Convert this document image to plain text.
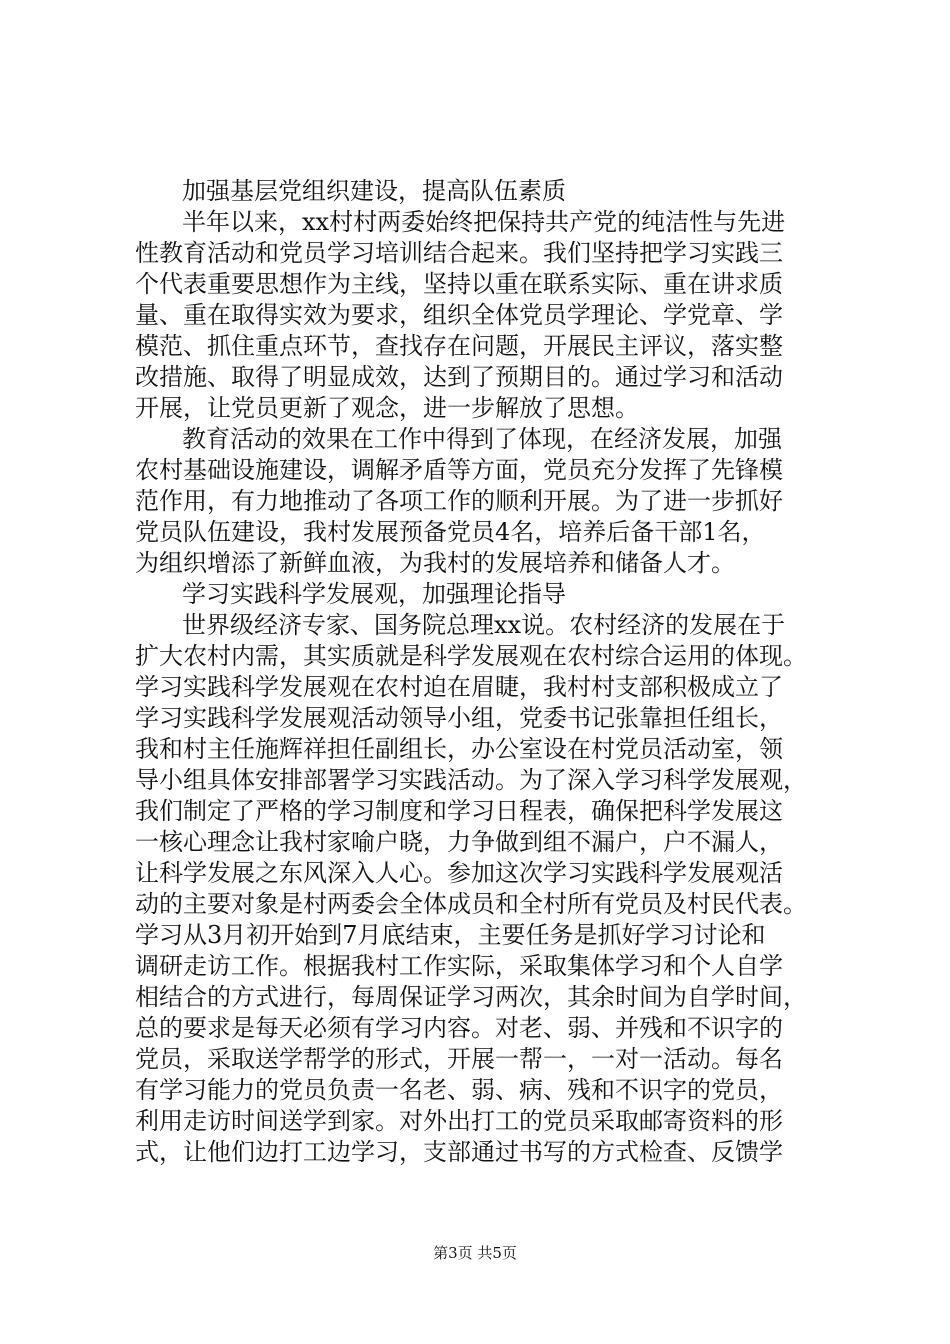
加强基层党组织建设，提高队伍素质
半年以来，xx村村两委始终把保持共产党的纯洁性与先进
性教育活动和党员学习培训结合起来。我们坚持把学习实践三
个代表重要思想作为主线，坚持以重在联系实际、重在讲求质
量、重在取得实效为要求，组织全体党员学理论、学党章、学
模范、抓住重点环节，查找存在问题，开展民主评议，落实整
改措施、取得了明显成效，达到了预期目的。通过学习和活动
开展，让党员更新了观念，进一步解放了思想。
教育活动的效果在工作中得到了体现，在经济发展，加强
农村基础设施建设，调解矛盾等方面，党员充分发挥了先锋模
范作用，有力地推动了各项工作的顺利开展。为了进一步抓好
党员队伍建设，我村发展预备党员4名，培养后备干部1名，
为组织增添了新鲜血液，为我村的发展培养和储备人才。
学习实践科学发展观，加强理论指导
世界级经济专家、国务院总理xx说。农村经济的发展在于
扩大农村内需，其实质就是科学发展观在农村综合运用的体现。
学习实践科学发展观在农村迫在眉睫，我村村支部积极成立了
学习实践科学发展观活动领导小组，党委书记张靠担任组长，
我和村主任施辉祥担任副组长，办公室设在村党员活动室，领
导小组具体安排部署学习实践活动。为了深入学习科学发展观，
我们制定了严格的学习制度和学习日程表，确保把科学发展这
一核心理念让我村家喻户晓，力争做到组不漏户，户不漏人，
让科学发展之东风深入人心。参加这次学习实践科学发展观活
动的主要对象是村两委会全体成员和全村所有党员及村民代表。
学习从3月初开始到7月底结束，主要任务是抓好学习讨论和
调研走访工作。根据我村工作实际，采取集体学习和个人自学
相结合的方式进行，每周保证学习两次，其余时间为自学时间，
总的要求是每天必须有学习内容。对老、弱、并残和不识字的
党员，采取送学帮学的形式，开展一帮一，一对一活动。每名
有学习能力的党员负责一名老、弱、病、残和不识字的党员，
利用走访时间送学到家。对外出打工的党员采取邮寄资料的形
式，让他们边打工边学习，支部通过书写的方式检查、反馈学
第3页 共5页
